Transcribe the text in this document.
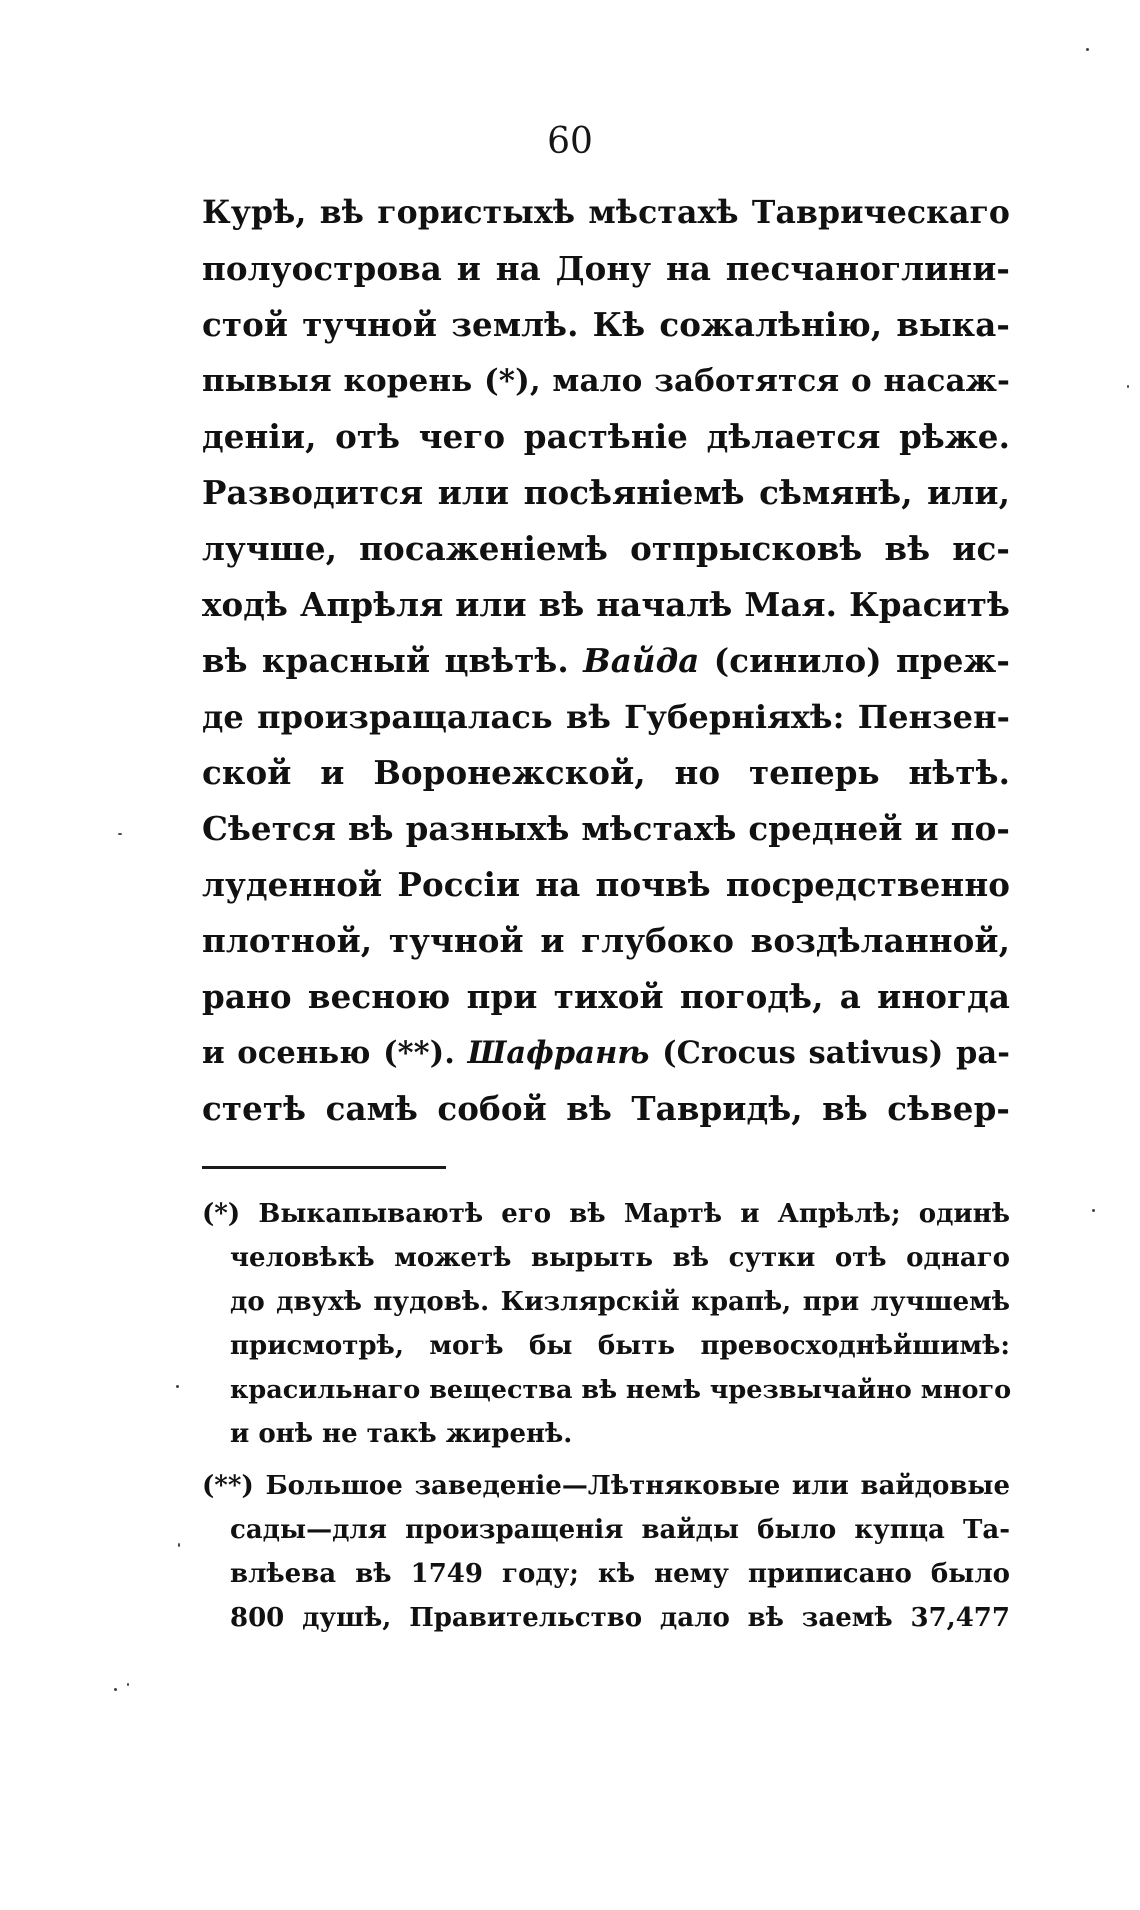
60
Курѣ, вѣ гористыхѣ мѣстахѣ Таврическаго
полуострова и на Дону на песчаноглини-
стой тучной землѣ. Кѣ сожалѣнію, выка-
пывыя корень (*), мало заботятся о насаж-
деніи, отѣ чего растѣніе дѣлается рѣже.
Разводится или посѣяніемѣ сѣмянѣ, или,
лучше, посаженіемѣ отпрысковѣ вѣ ис-
ходѣ Апрѣля или вѣ началѣ Мая. Краситѣ
вѣ красный цвѣтѣ. Вайда (синило) преж-
де произращалась вѣ Губерніяхѣ: Пензен-
ской и Воронежской, но теперь нѣтѣ.
Сѣется вѣ разныхѣ мѣстахѣ средней и по-
луденной Россіи на почвѣ посредственно
плотной, тучной и глубоко воздѣланной,
рано весною при тихой погодѣ, а иногда
и осенью (**). Шафранѣ (Crocus sativus) ра-
стетѣ самѣ собой вѣ Тавридѣ, вѣ сѣвер-
(*) Выкапываютѣ его вѣ Мартѣ и Апрѣлѣ; одинѣ
человѣкѣ можетѣ вырыть вѣ сутки отѣ однаго
до двухѣ пудовѣ. Кизлярскій крапѣ, при лучшемѣ
присмотрѣ, могѣ бы быть превосходнѣйшимѣ:
красильнаго вещества вѣ немѣ чрезвычайно много
и онѣ не такѣ жиренѣ.
(**) Большое заведеніе—Лѣтняковые или вайдовые
сады—для произращенія вайды было купца Та-
влѣева вѣ 1749 году; кѣ нему приписано было
800 душѣ, Правительство дало вѣ заемѣ 37,477
